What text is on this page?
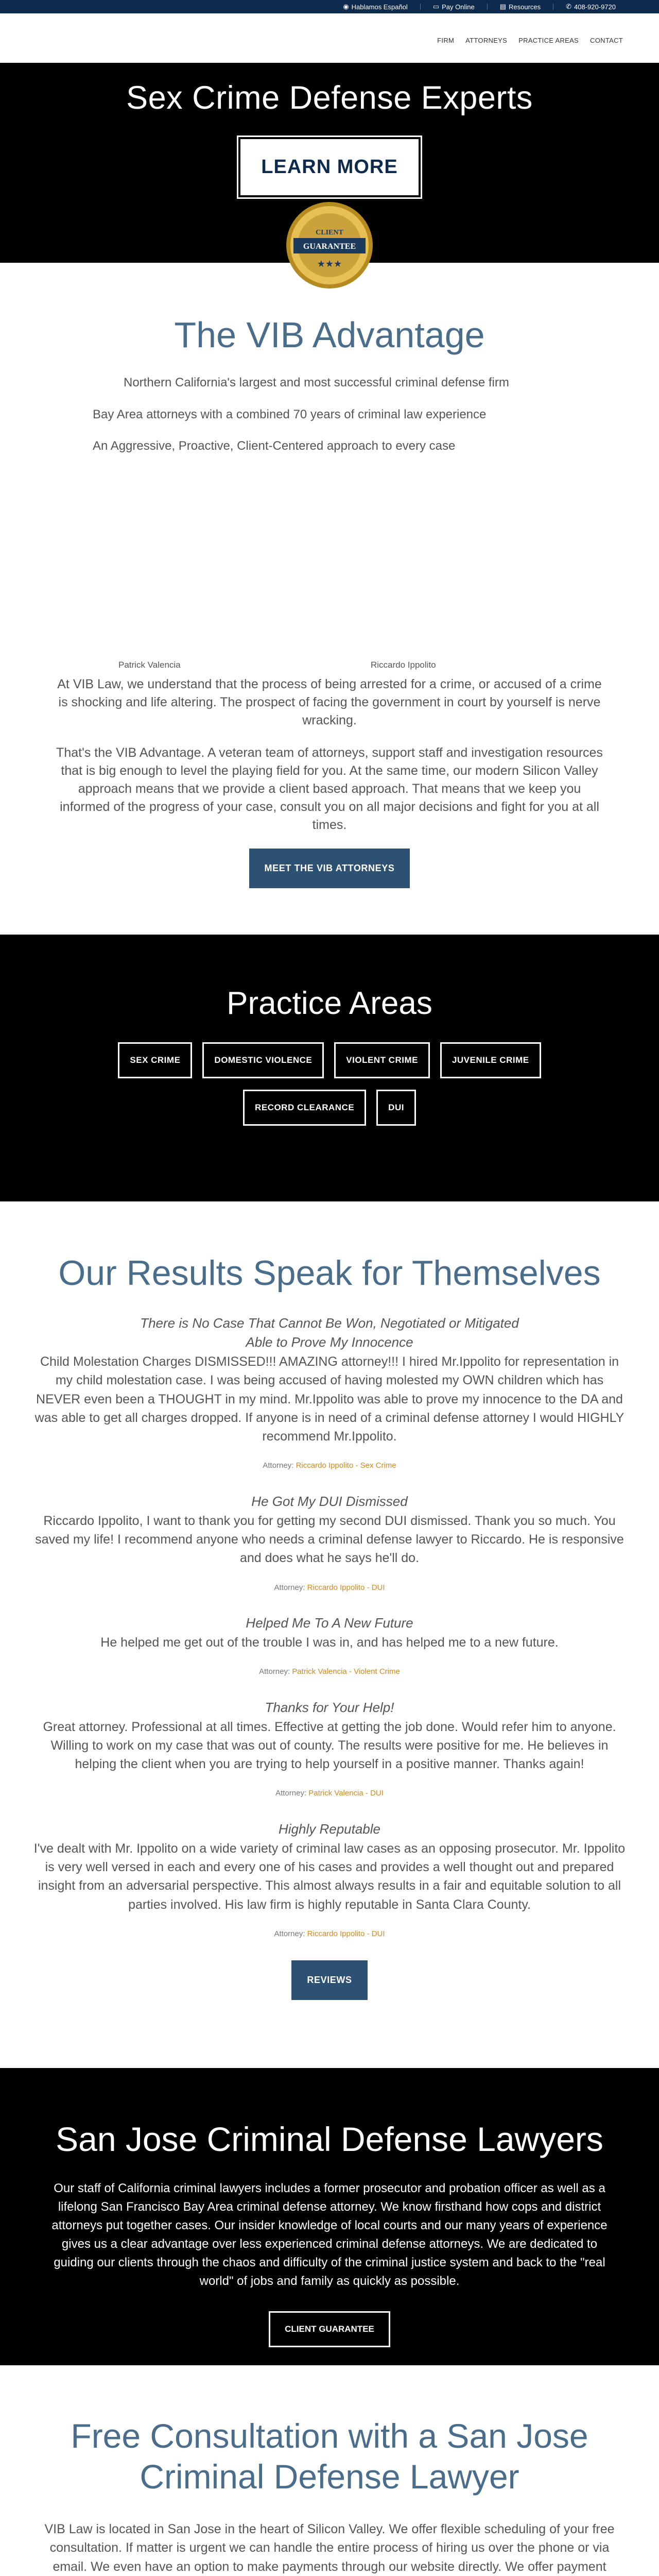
◉ Hablamos Español	▭ Pay Online	▤ Resources	✆ 408-920-9720
FIRM ATTORNEYS PRACTICE AREAS CONTACT
Sex Crime Defense Experts
LEARN MORE
CLIENT
GUARANTEE
★★★
The VIB Advantage

Northern California's largest and most successful criminal defense firm

Bay Area attorneys with a combined 70 years of criminal law experience

An Aggressive, Proactive, Client-Centered approach to every case

Patrick Valencia	Riccardo Ippolito

At VIB Law, we understand that the process of being arrested for a crime, or accused of a crime is shocking and life altering. The prospect of facing the government in court by yourself is nerve wracking.

That's the VIB Advantage. A veteran team of attorneys, support staff and investigation resources that is big enough to level the playing field for you. At the same time, our modern Silicon Valley approach means that we provide a client based approach. That means that we keep you informed of the progress of your case, consult you on all major decisions and fight for you at all times.

MEET THE VIB ATTORNEYS
Practice Areas
SEX CRIME	DOMESTIC VIOLENCE	VIOLENT CRIME	JUVENILE CRIME
RECORD CLEARANCE	DUI
Our Results Speak for Themselves
There is No Case That Cannot Be Won, Negotiated or Mitigated
Able to Prove My Innocence
Child Molestation Charges DISMISSED!!! AMAZING attorney!!! I hired Mr.Ippolito for representation in my child molestation case. I was being accused of having molested my OWN children which has NEVER even been a THOUGHT in my mind. Mr.Ippolito was able to prove my innocence to the DA and was able to get all charges dropped. If anyone is in need of a criminal defense attorney I would HIGHLY recommend Mr.Ippolito.
Attorney: Riccardo Ippolito - Sex Crime
He Got My DUI Dismissed
Riccardo Ippolito, I want to thank you for getting my second DUI dismissed. Thank you so much. You saved my life! I recommend anyone who needs a criminal defense lawyer to Riccardo. He is responsive and does what he says he'll do.
Attorney: Riccardo Ippolito - DUI
Helped Me To A New Future
He helped me get out of the trouble I was in, and has helped me to a new future.
Attorney: Patrick Valencia - Violent Crime
Thanks for Your Help!
Great attorney. Professional at all times. Effective at getting the job done. Would refer him to anyone. Willing to work on my case that was out of county. The results were positive for me. He believes in helping the client when you are trying to help yourself in a positive manner. Thanks again!
Attorney: Patrick Valencia - DUI
Highly Reputable
I've dealt with Mr. Ippolito on a wide variety of criminal law cases as an opposing prosecutor. Mr. Ippolito is very well versed in each and every one of his cases and provides a well thought out and prepared insight from an adversarial perspective. This almost always results in a fair and equitable solution to all parties involved. His law firm is highly reputable in Santa Clara County.
Attorney: Riccardo Ippolito - DUI
REVIEWS
San Jose Criminal Defense Lawyers

Our staff of California criminal lawyers includes a former prosecutor and probation officer as well as a lifelong San Francisco Bay Area criminal defense attorney. We know firsthand how cops and district attorneys put together cases. Our insider knowledge of local courts and our many years of experience gives us a clear advantage over less experienced criminal defense attorneys. We are dedicated to guiding our clients through the chaos and difficulty of the criminal justice system and back to the "real world" of jobs and family as quickly as possible.

CLIENT GUARANTEE
Free Consultation with a San Jose
Criminal Defense Lawyer

VIB Law is located in San Jose in the heart of Silicon Valley. We offer flexible scheduling of your free consultation. If matter is urgent we can handle the entire process of hiring us over the phone or via email. We even have an option to make payments through our website directly. We offer payment
